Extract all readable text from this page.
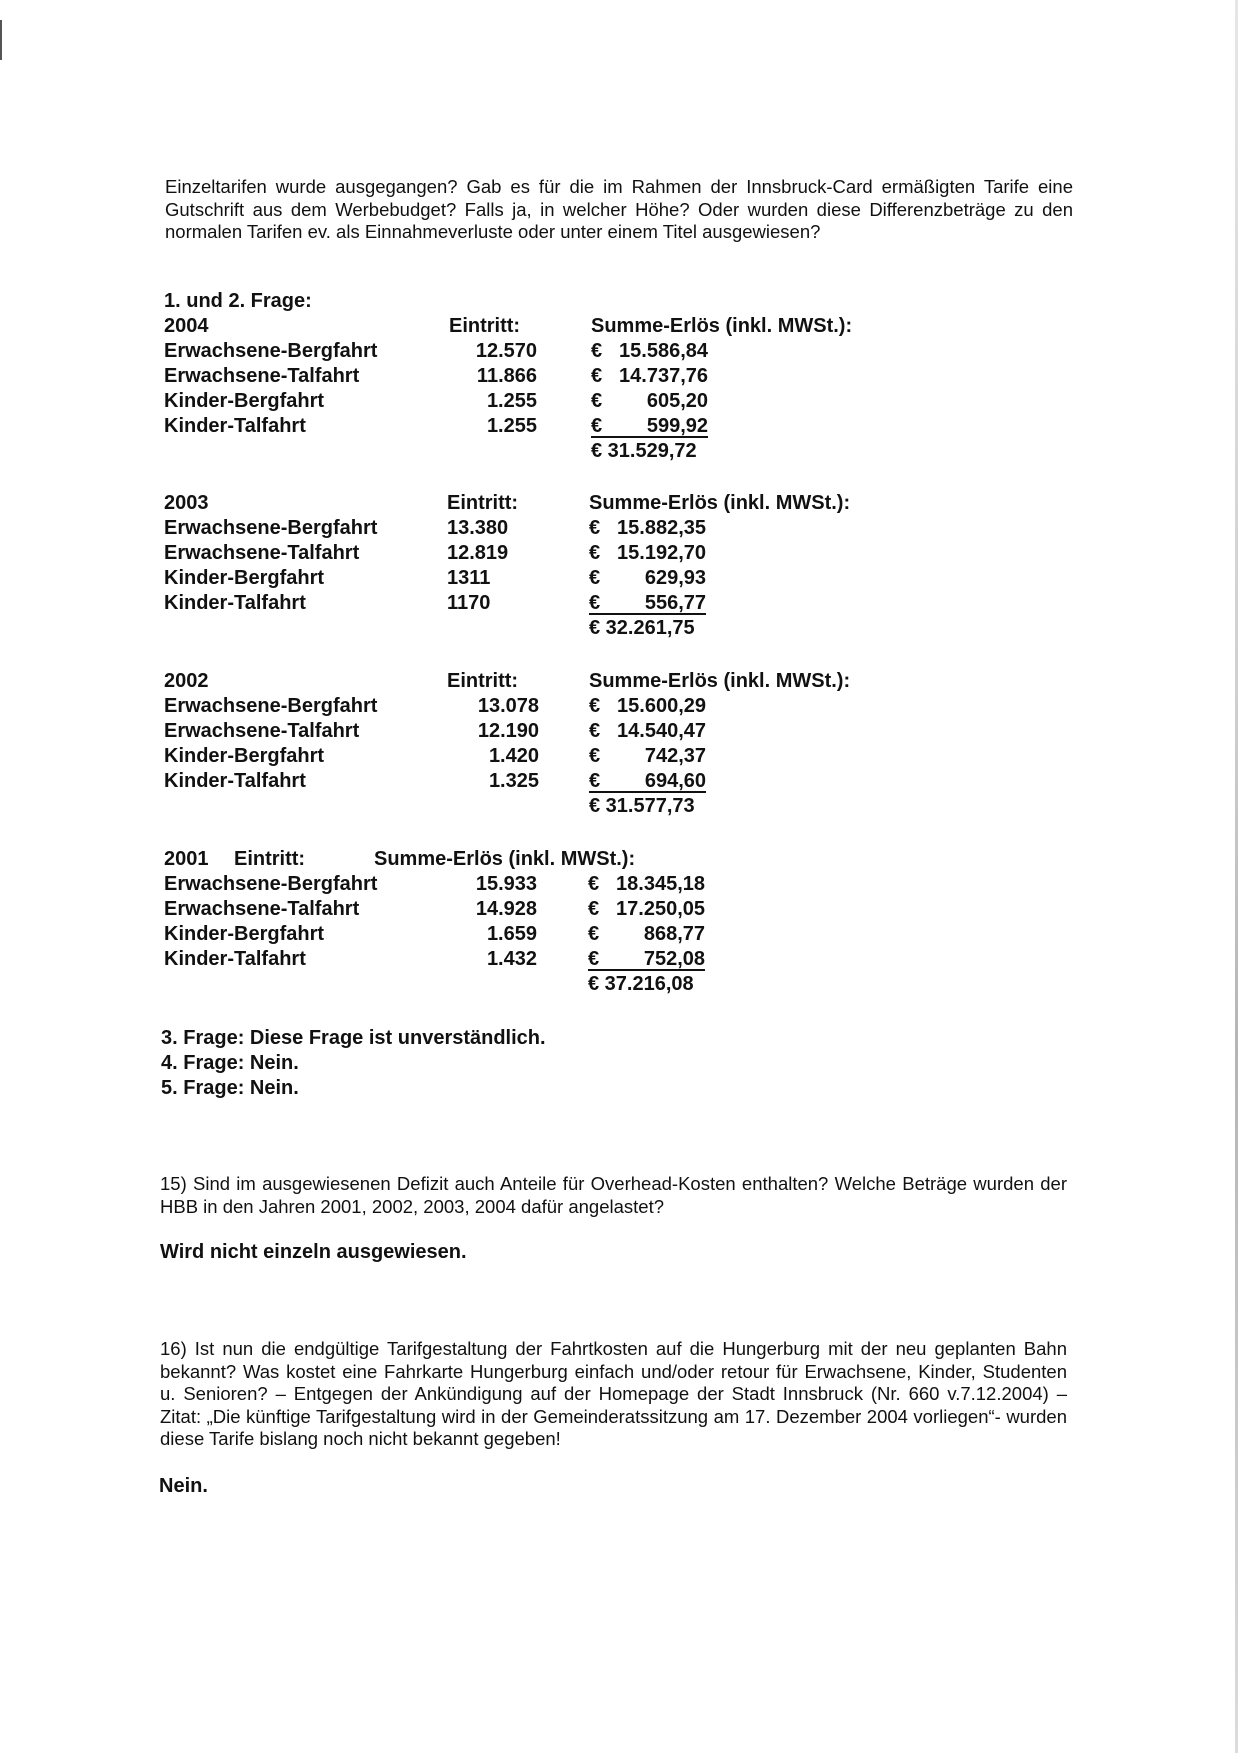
Einzeltarifen wurde ausgegangen? Gab es für die im Rahmen der Innsbruck-Card ermäßigten Tarife eine Gutschrift aus dem Werbebudget? Falls ja, in welcher Höhe? Oder wurden diese Differenzbeträge zu den normalen Tarifen ev. als Einnahmeverluste oder unter einem Titel ausgewiesen?
1. und 2. Frage:
2004	Eintritt:	Summe-Erlös (inkl. MWSt.):
Erwachsene-Bergfahrt	12.570	€ 15.586,84
Erwachsene-Talfahrt	11.866	€ 14.737,76
Kinder-Bergfahrt	1.255	€ 605,20
Kinder-Talfahrt	1.255	€ 599,92
€ 31.529,72
2003	Eintritt:	Summe-Erlös (inkl. MWSt.):
Erwachsene-Bergfahrt	13.380	€ 15.882,35
Erwachsene-Talfahrt	12.819	€ 15.192,70
Kinder-Bergfahrt	1311	€ 629,93
Kinder-Talfahrt	1170	€ 556,77
€ 32.261,75
2002	Eintritt:	Summe-Erlös (inkl. MWSt.):
Erwachsene-Bergfahrt	13.078	€ 15.600,29
Erwachsene-Talfahrt	12.190	€ 14.540,47
Kinder-Bergfahrt	1.420	€ 742,37
Kinder-Talfahrt	1.325	€ 694,60
€ 31.577,73
2001 Eintritt:	Summe-Erlös (inkl. MWSt.):
Erwachsene-Bergfahrt	15.933	€ 18.345,18
Erwachsene-Talfahrt	14.928	€ 17.250,05
Kinder-Bergfahrt	1.659	€ 868,77
Kinder-Talfahrt	1.432	€ 752,08
€ 37.216,08
3. Frage: Diese Frage ist unverständlich.
4. Frage: Nein.
5. Frage: Nein.
15) Sind im ausgewiesenen Defizit auch Anteile für Overhead-Kosten enthalten? Welche Beträge wurden der HBB in den Jahren 2001, 2002, 2003, 2004 dafür angelastet?
Wird nicht einzeln ausgewiesen.
16) Ist nun die endgültige Tarifgestaltung der Fahrtkosten auf die Hungerburg mit der neu geplanten Bahn bekannt? Was kostet eine Fahrkarte Hungerburg einfach und/oder retour für Erwachsene, Kinder, Studenten u. Senioren? – Entgegen der Ankündigung auf der Homepage der Stadt Innsbruck (Nr. 660 v.7.12.2004) – Zitat: „Die künftige Tarifgestaltung wird in der Gemeinderatssitzung am 17. Dezember 2004 vorliegen“- wurden diese Tarife bislang noch nicht bekannt gegeben!
Nein.
